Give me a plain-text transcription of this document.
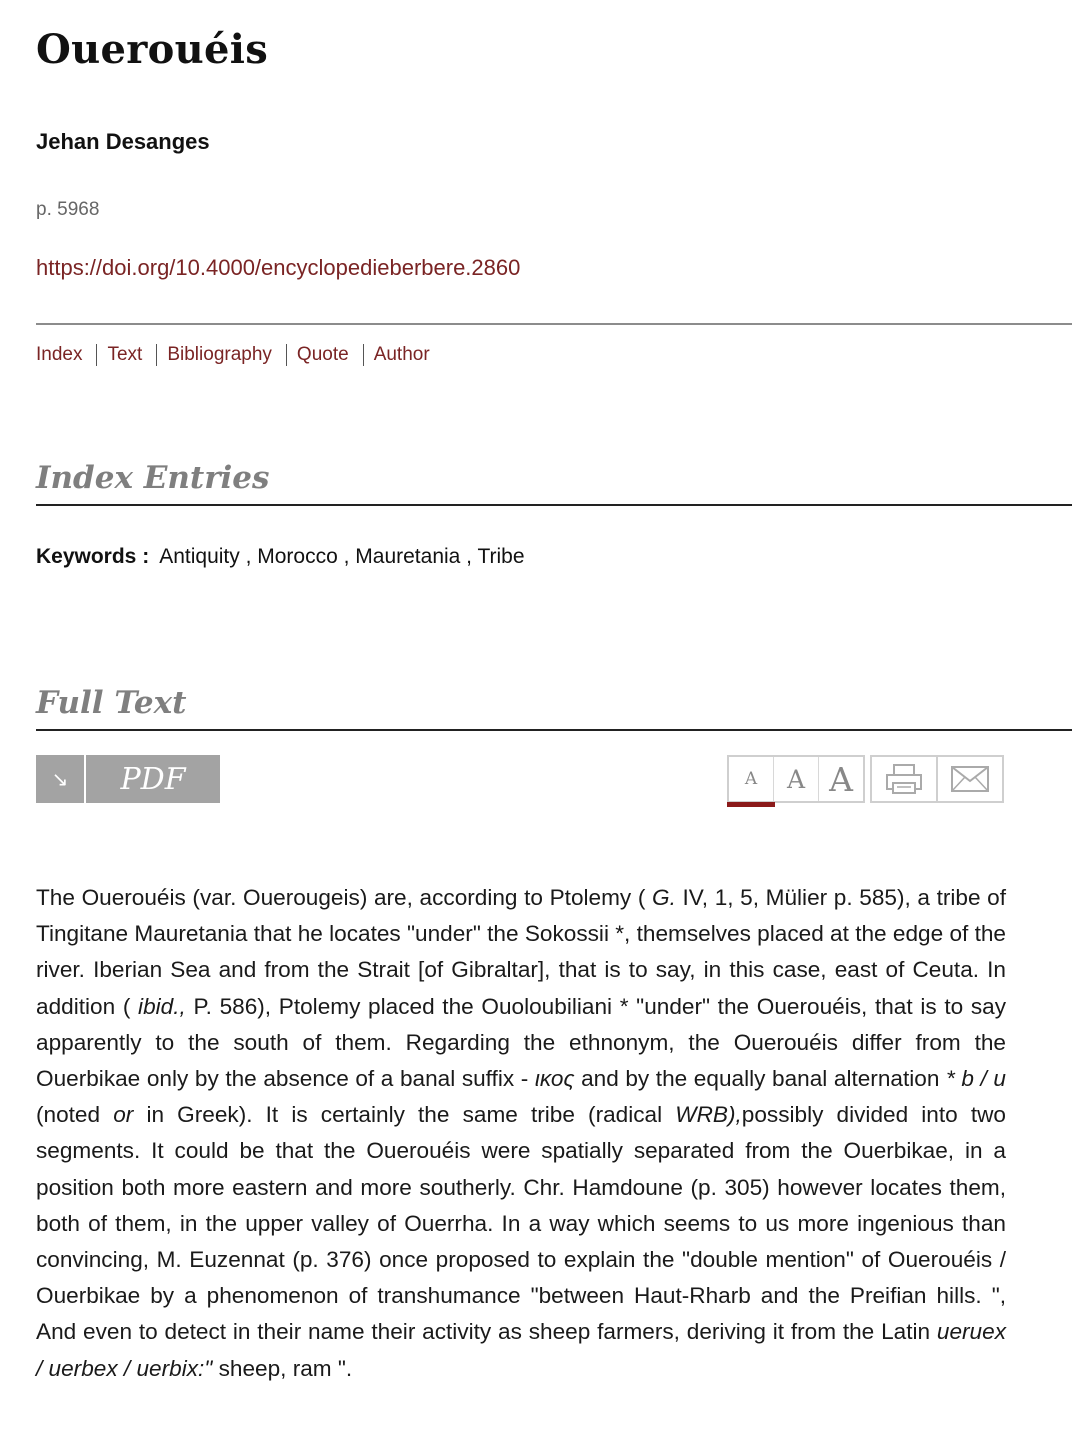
Ouerouéis
Jehan Desanges
p. 5968
https://doi.org/10.4000/encyclopedieberbere.2860
Index Text Bibliography Quote Author
Index Entries
Keywords : Antiquity , Morocco , Mauretania , Tribe
Full Text
↘	PDF	A A A

The Ouerouéis (var. Ouerougeis) are, according to Ptolemy ( G. IV, 1, 5, Mülier p. 585), a tribe of Tingitane Mauretania that he locates "under" the Sokossii *, themselves placed at the edge of the river. Iberian Sea and from the Strait [of Gibraltar], that is to say, in this case, east of Ceuta. In addition ( ibid., P. 586), Ptolemy placed the Ouoloubiliani * "under" the Ouerouéis, that is to say apparently to the south of them. Regarding the ethnonym, the Ouerouéis differ from the Ouerbikae only by the absence of a banal suffix - ικος and by the equally banal alternation * b / u (noted or in Greek). It is certainly the same tribe (radical WRB),possibly divided into two segments. It could be that the Ouerouéis were spatially separated from the Ouerbikae, in a position both more eastern and more southerly. Chr. Hamdoune (p. 305) however locates them, both of them, in the upper valley of Ouerrha. In a way which seems to us more ingenious than convincing, M. Euzennat (p. 376) once proposed to explain the "double mention" of Ouerouéis / Ouerbikae by a phenomenon of transhumance "between Haut-Rharb and the Preifian hills. ", And even to detect in their name their activity as sheep farmers, deriving it from the Latin ueruex / uerbex / uerbix:" sheep, ram ".
